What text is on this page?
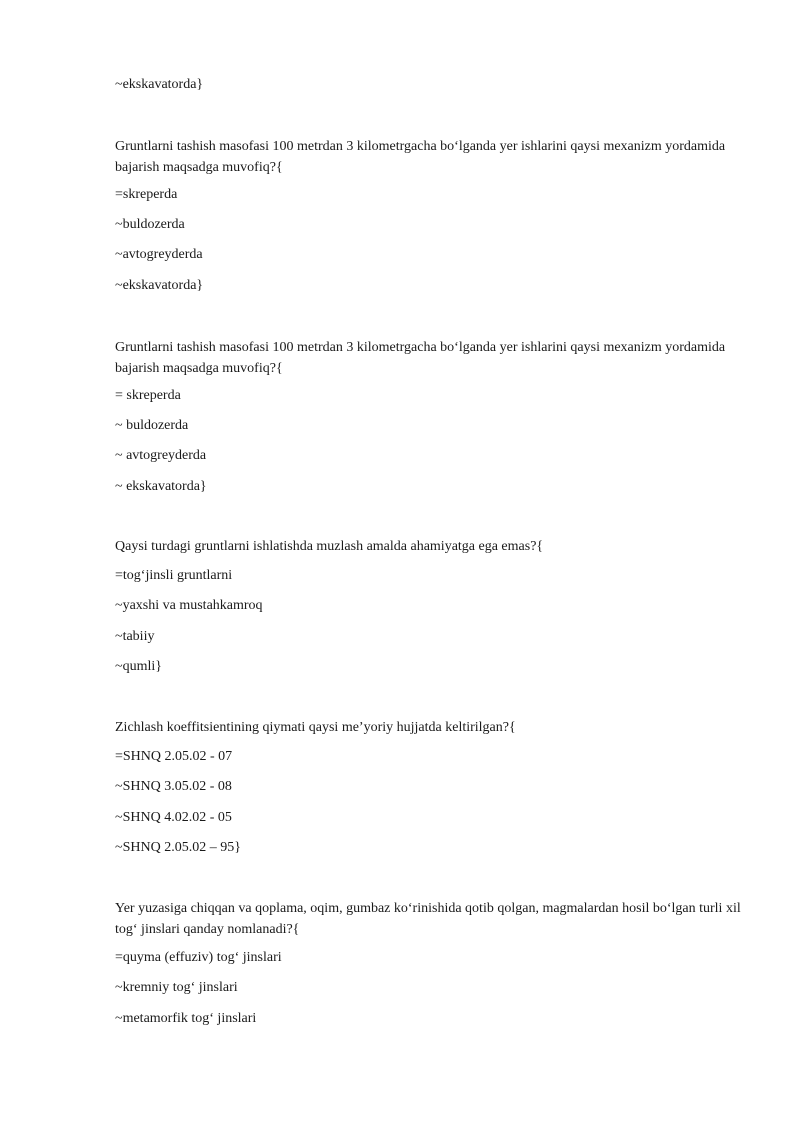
~ekskavatorda}
Gruntlarni tashish masofasi 100 metrdan 3 kilometrgacha bo‘lganda yer ishlarini qaysi mexanizm yordamida bajarish maqsadga muvofiq?{
=skreperda
~buldozerda
~avtogreyderda
~ekskavatorda}
Gruntlarni tashish masofasi 100 metrdan 3 kilometrgacha bo‘lganda yer ishlarini qaysi mexanizm yordamida bajarish maqsadga muvofiq?{
= skreperda
~ buldozerda
~ avtogreyderda
~ ekskavatorda}
Qaysi turdagi gruntlarni ishlatishda muzlash amalda ahamiyatga ega emas?{
=tog‘jinsli gruntlarni
~yaxshi va mustahkamroq
~tabiiy
~qumli}
Zichlash koeffitsientining qiymati qaysi me’yoriy hujjatda keltirilgan?{
=SHNQ 2.05.02 - 07
~SHNQ 3.05.02 - 08
~SHNQ 4.02.02 - 05
~SHNQ 2.05.02 – 95}
Yer yuzasiga chiqqan va qoplama, oqim, gumbaz ko‘rinishida qotib qolgan, magmalardan hosil bo‘lgan turli xil tog‘ jinslari qanday nomlanadi?{
=quyma (effuziv) tog‘ jinslari
~kremniy tog‘ jinslari
~metamorfik tog‘ jinslari
